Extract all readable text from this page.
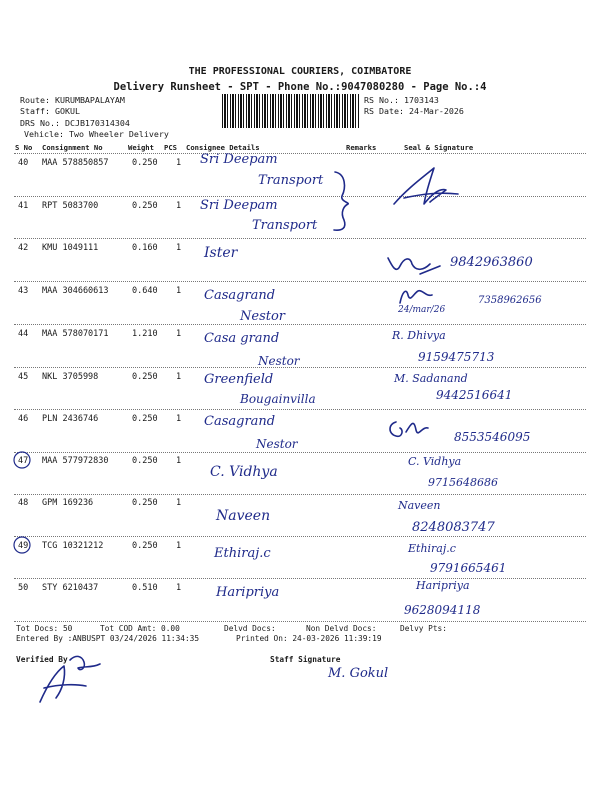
THE PROFESSIONAL COURIERS, COIMBATORE
Delivery Runsheet - SPT - Phone No.:9047080280 - Page No.:4
Route: KURUMBAPALAYAM
Staff: GOKUL
DRS No.: DCJB170314304
Vehicle: Two Wheeler Delivery
RS No.: 1703143
RS Date: 24-Mar-2026
S No Consignment No	Weight PCS Consignee Details	Remarks	Seal & Signature
40 MAA 578850857	0.250 1 Sri Deepam
Transport
41 RPT 5083700	0.250 1 Sri Deepam
Transport
42 KMU 1049111	0.160 1 Ister
9842963860
43 MAA 304660613	0.640 1 Casagrand
Nestor	24/mar/26
7358962656
44 MAA 578070171	1.210 1 Casa grand
Nestor
R. Dhivya
9159475713
45 NKL 3705998	0.250 1 Greenfield
Bougainvilla
M. Sadanand
9442516641
46 PLN 2436746	0.250 1 Casagrand
Nestor	8553546095
47 MAA 577972830	0.250 1
C. Vidhya
C. Vidhya
9715648686
48 GPM 169236	0.250 1
Naveen
Naveen
8248083747
49 TCG 10321212	0.250 1	Ethiraj.c	Ethiraj.c
9791665461
50 STY 6210437	0.510 1	Haripriya	Haripriya
9628094118
Tot Docs: 50	Tot COD Amt: 0.00	Delvd Docs:	Non Delvd Docs:	Delvy Pts:
Entered By :ANBUSPT 03/24/2026 11:34:35	Printed On: 24-03-2026 11:39:19
Verified By	Staff Signature
M. Gokul
